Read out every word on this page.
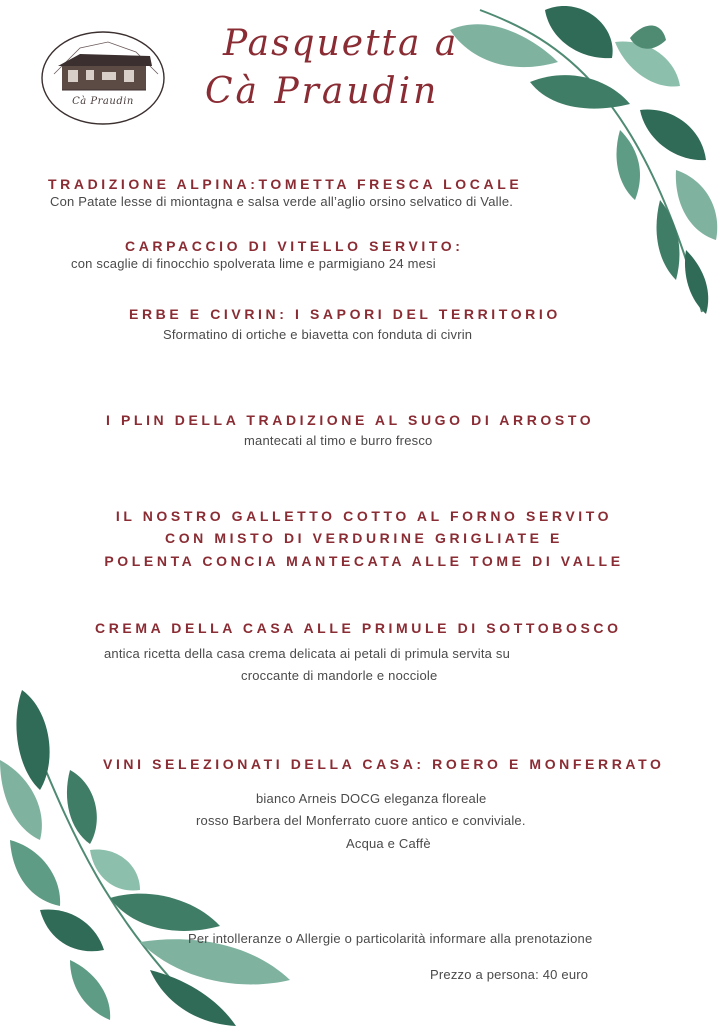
Cà Praudin
Pasquetta a
Cà Praudin
TRADIZIONE ALPINA:TOMETTA FRESCA LOCALE
Con Patate lesse di miontagna e salsa verde all’aglio orsino selvatico di Valle.
CARPACCIO DI VITELLO SERVITO:
con scaglie di finocchio spolverata lime e parmigiano 24 mesi
ERBE E CIVRIN: I SAPORI DEL TERRITORIO
Sformatino di ortiche e biavetta con fonduta di civrin
I PLIN DELLA TRADIZIONE AL SUGO DI ARROSTO
mantecati al timo e burro fresco
IL NOSTRO GALLETTO COTTO AL FORNO SERVITO
CON MISTO DI VERDURINE GRIGLIATE E
POLENTA CONCIA MANTECATA ALLE TOME DI VALLE
CREMA DELLA CASA ALLE PRIMULE DI SOTTOBOSCO
antica ricetta della casa crema delicata ai petali di primula servita su
croccante di mandorle e nocciole
VINI SELEZIONATI DELLA CASA: ROERO E MONFERRATO
bianco Arneis DOCG eleganza floreale
rosso Barbera del Monferrato cuore antico e conviviale.
Acqua e Caffè
Per intolleranze o Allergie o particolarità informare alla prenotazione
Prezzo a persona: 40 euro
